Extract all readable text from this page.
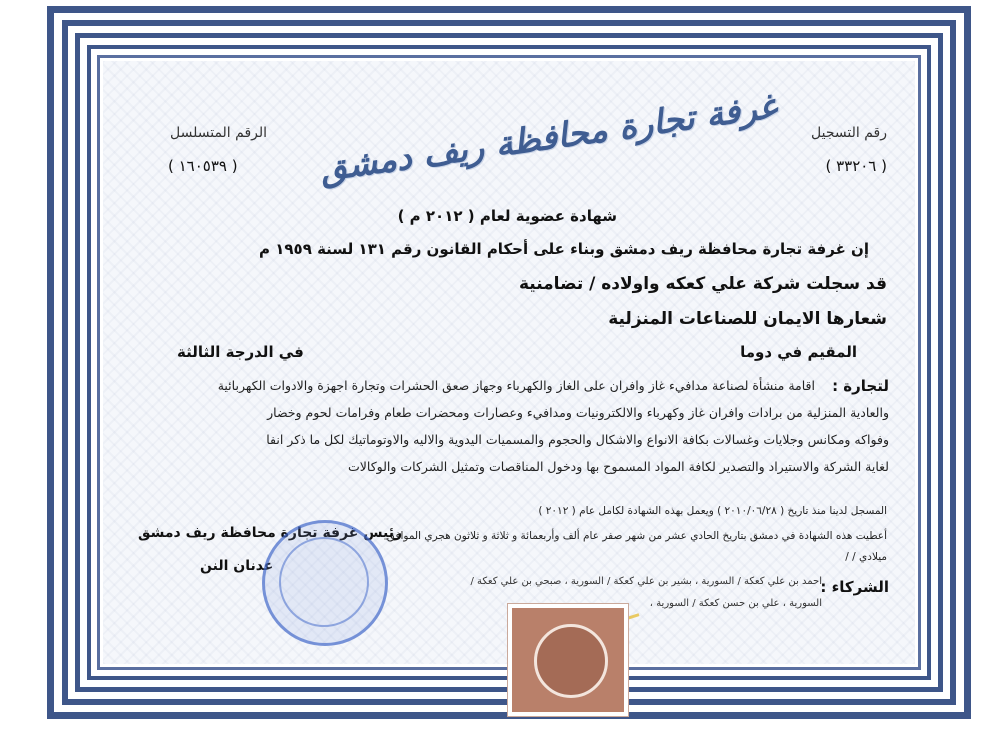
رقم التسجيل
( ٣٣٢٠٦ )
الرقم المتسلسل
( ١٦٠٥٣٩ ) غرفة تجارة محافظة ريف دمشق
شهادة عضوية لعام ( ٢٠١٢ م )
إن غرفة تجارة محافظة ريف دمشق وبناء على أحكام القانون رقم ١٣١ لسنة ١٩٥٩ م
قد سجلت شركة علي كعكه واولاده / تضامنية
شعارها الايمان للصناعات المنزلية
المقيم في دوما
في الدرجة الثالثة
لتجارة :
اقامة منشأة لصناعة مدافيء غاز وافران على الغاز والكهرباء وجهاز صعق الحشرات وتجارة اجهزة والادوات الكهربائية
والعادية المنزلية من برادات وافران غاز وكهرباء والالكترونيات ومدافيء وعصارات ومحضرات طعام وفرامات لحوم وخضار
وفواكه ومكانس وجلايات وغسالات بكافة الانواع والاشكال والحجوم والمسميات اليدوية والاليه والاوتوماتيك لكل ما ذكر انفا
لغاية الشركة والاستيراد والتصدير لكافة المواد المسموح بها ودخول المناقصات وتمثيل الشركات والوكالات
المسجل لدينا منذ تاريخ ( ٢٠١٠/٠٦/٢٨ ) ويعمل بهذه الشهادة لكامل عام ( ٢٠١٢ )
أعطيت هذه الشهادة في دمشق بتاريخ الحادي عشر من شهر صفر عام ألف وأربعمائة و ثلاثة و ثلاثون هجري الموافق
ميلادي / /
الشركاء :
احمد بن علي كعكة / السورية ، بشير بن علي كعكة / السورية ، صبحي بن علي كعكة /
السورية ، علي بن حسن كعكة / السورية ،
رئيس غرفة تجارة محافظة ريف دمشق
عدنان النن
